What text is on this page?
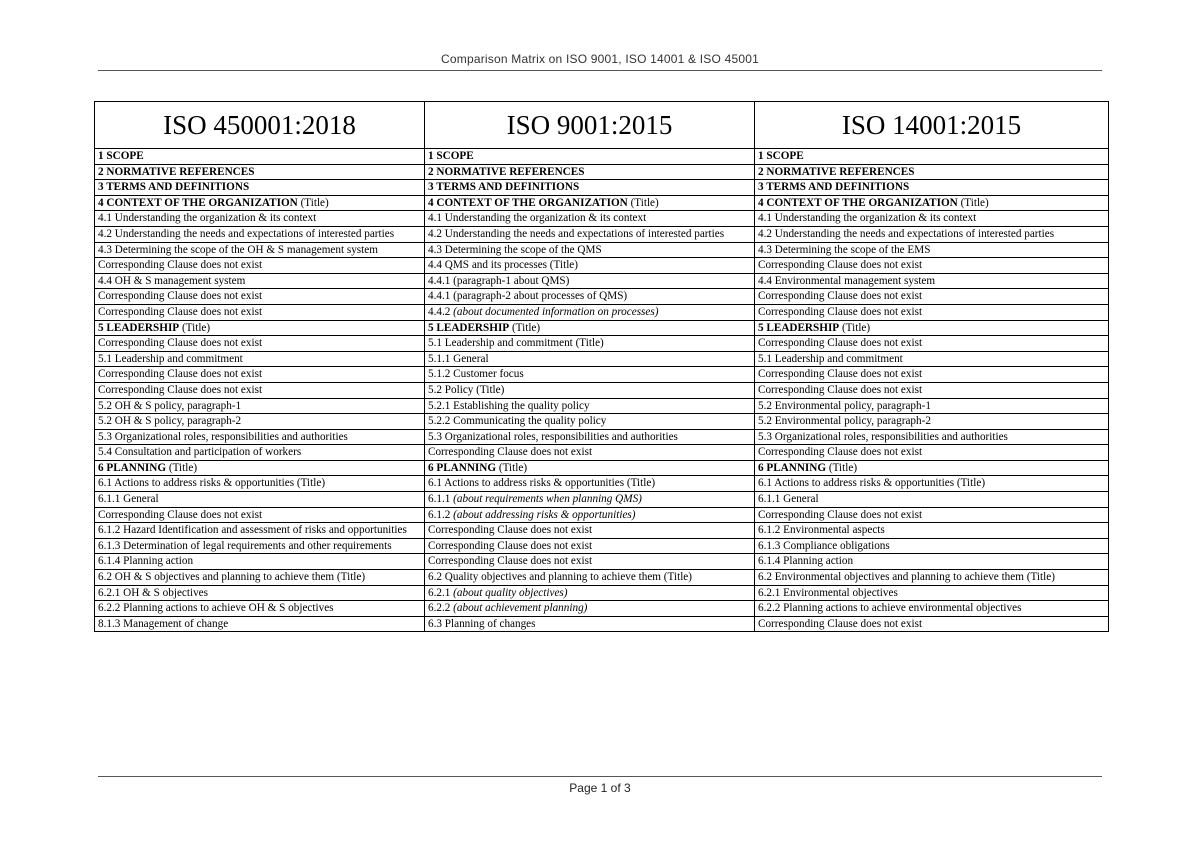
Comparison Matrix on ISO 9001, ISO 14001 & ISO 45001
ISO 450001:2018	ISO 9001:2015	ISO 14001:2015
1 SCOPE	1 SCOPE	1 SCOPE
2 NORMATIVE REFERENCES	2 NORMATIVE REFERENCES	2 NORMATIVE REFERENCES
3 TERMS AND DEFINITIONS	3 TERMS AND DEFINITIONS	3 TERMS AND DEFINITIONS
4 CONTEXT OF THE ORGANIZATION (Title)	4 CONTEXT OF THE ORGANIZATION (Title)	4 CONTEXT OF THE ORGANIZATION (Title)
4.1 Understanding the organization & its context	4.1 Understanding the organization & its context	4.1 Understanding the organization & its context
4.2 Understanding the needs and expectations of interested parties	4.2 Understanding the needs and expectations of interested parties	4.2 Understanding the needs and expectations of interested parties
4.3 Determining the scope of the OH & S management system	4.3 Determining the scope of the QMS	4.3 Determining the scope of the EMS
Corresponding Clause does not exist	4.4 QMS and its processes (Title)	Corresponding Clause does not exist
4.4 OH & S management system	4.4.1 (paragraph-1 about QMS)	4.4 Environmental management system
Corresponding Clause does not exist	4.4.1 (paragraph-2 about processes of QMS)	Corresponding Clause does not exist
Corresponding Clause does not exist	4.4.2 (about documented information on processes)	Corresponding Clause does not exist
5 LEADERSHIP (Title)	5 LEADERSHIP (Title)	5 LEADERSHIP (Title)
Corresponding Clause does not exist	5.1 Leadership and commitment (Title)	Corresponding Clause does not exist
5.1 Leadership and commitment	5.1.1 General	5.1 Leadership and commitment
Corresponding Clause does not exist	5.1.2 Customer focus	Corresponding Clause does not exist
Corresponding Clause does not exist	5.2 Policy (Title)	Corresponding Clause does not exist
5.2 OH & S policy, paragraph-1	5.2.1 Establishing the quality policy	5.2 Environmental policy, paragraph-1
5.2 OH & S policy, paragraph-2	5.2.2 Communicating the quality policy	5.2 Environmental policy, paragraph-2
5.3 Organizational roles, responsibilities and authorities	5.3 Organizational roles, responsibilities and authorities	5.3 Organizational roles, responsibilities and authorities
5.4 Consultation and participation of workers	Corresponding Clause does not exist	Corresponding Clause does not exist
6 PLANNING (Title)	6 PLANNING (Title)	6 PLANNING (Title)
6.1 Actions to address risks & opportunities (Title)	6.1 Actions to address risks & opportunities (Title)	6.1 Actions to address risks & opportunities (Title)
6.1.1 General	6.1.1 (about requirements when planning QMS)	6.1.1 General
Corresponding Clause does not exist	6.1.2 (about addressing risks & opportunities)	Corresponding Clause does not exist
6.1.2 Hazard Identification and assessment of risks and opportunities	Corresponding Clause does not exist	6.1.2 Environmental aspects
6.1.3 Determination of legal requirements and other requirements	Corresponding Clause does not exist	6.1.3 Compliance obligations
6.1.4 Planning action	Corresponding Clause does not exist	6.1.4 Planning action
6.2 OH & S objectives and planning to achieve them (Title)	6.2 Quality objectives and planning to achieve them (Title)	6.2 Environmental objectives and planning to achieve them (Title)
6.2.1 OH & S objectives	6.2.1 (about quality objectives)	6.2.1 Environmental objectives
6.2.2 Planning actions to achieve OH & S objectives	6.2.2 (about achievement planning)	6.2.2 Planning actions to achieve environmental objectives
8.1.3 Management of change	6.3 Planning of changes	Corresponding Clause does not exist
Page 1 of 3
